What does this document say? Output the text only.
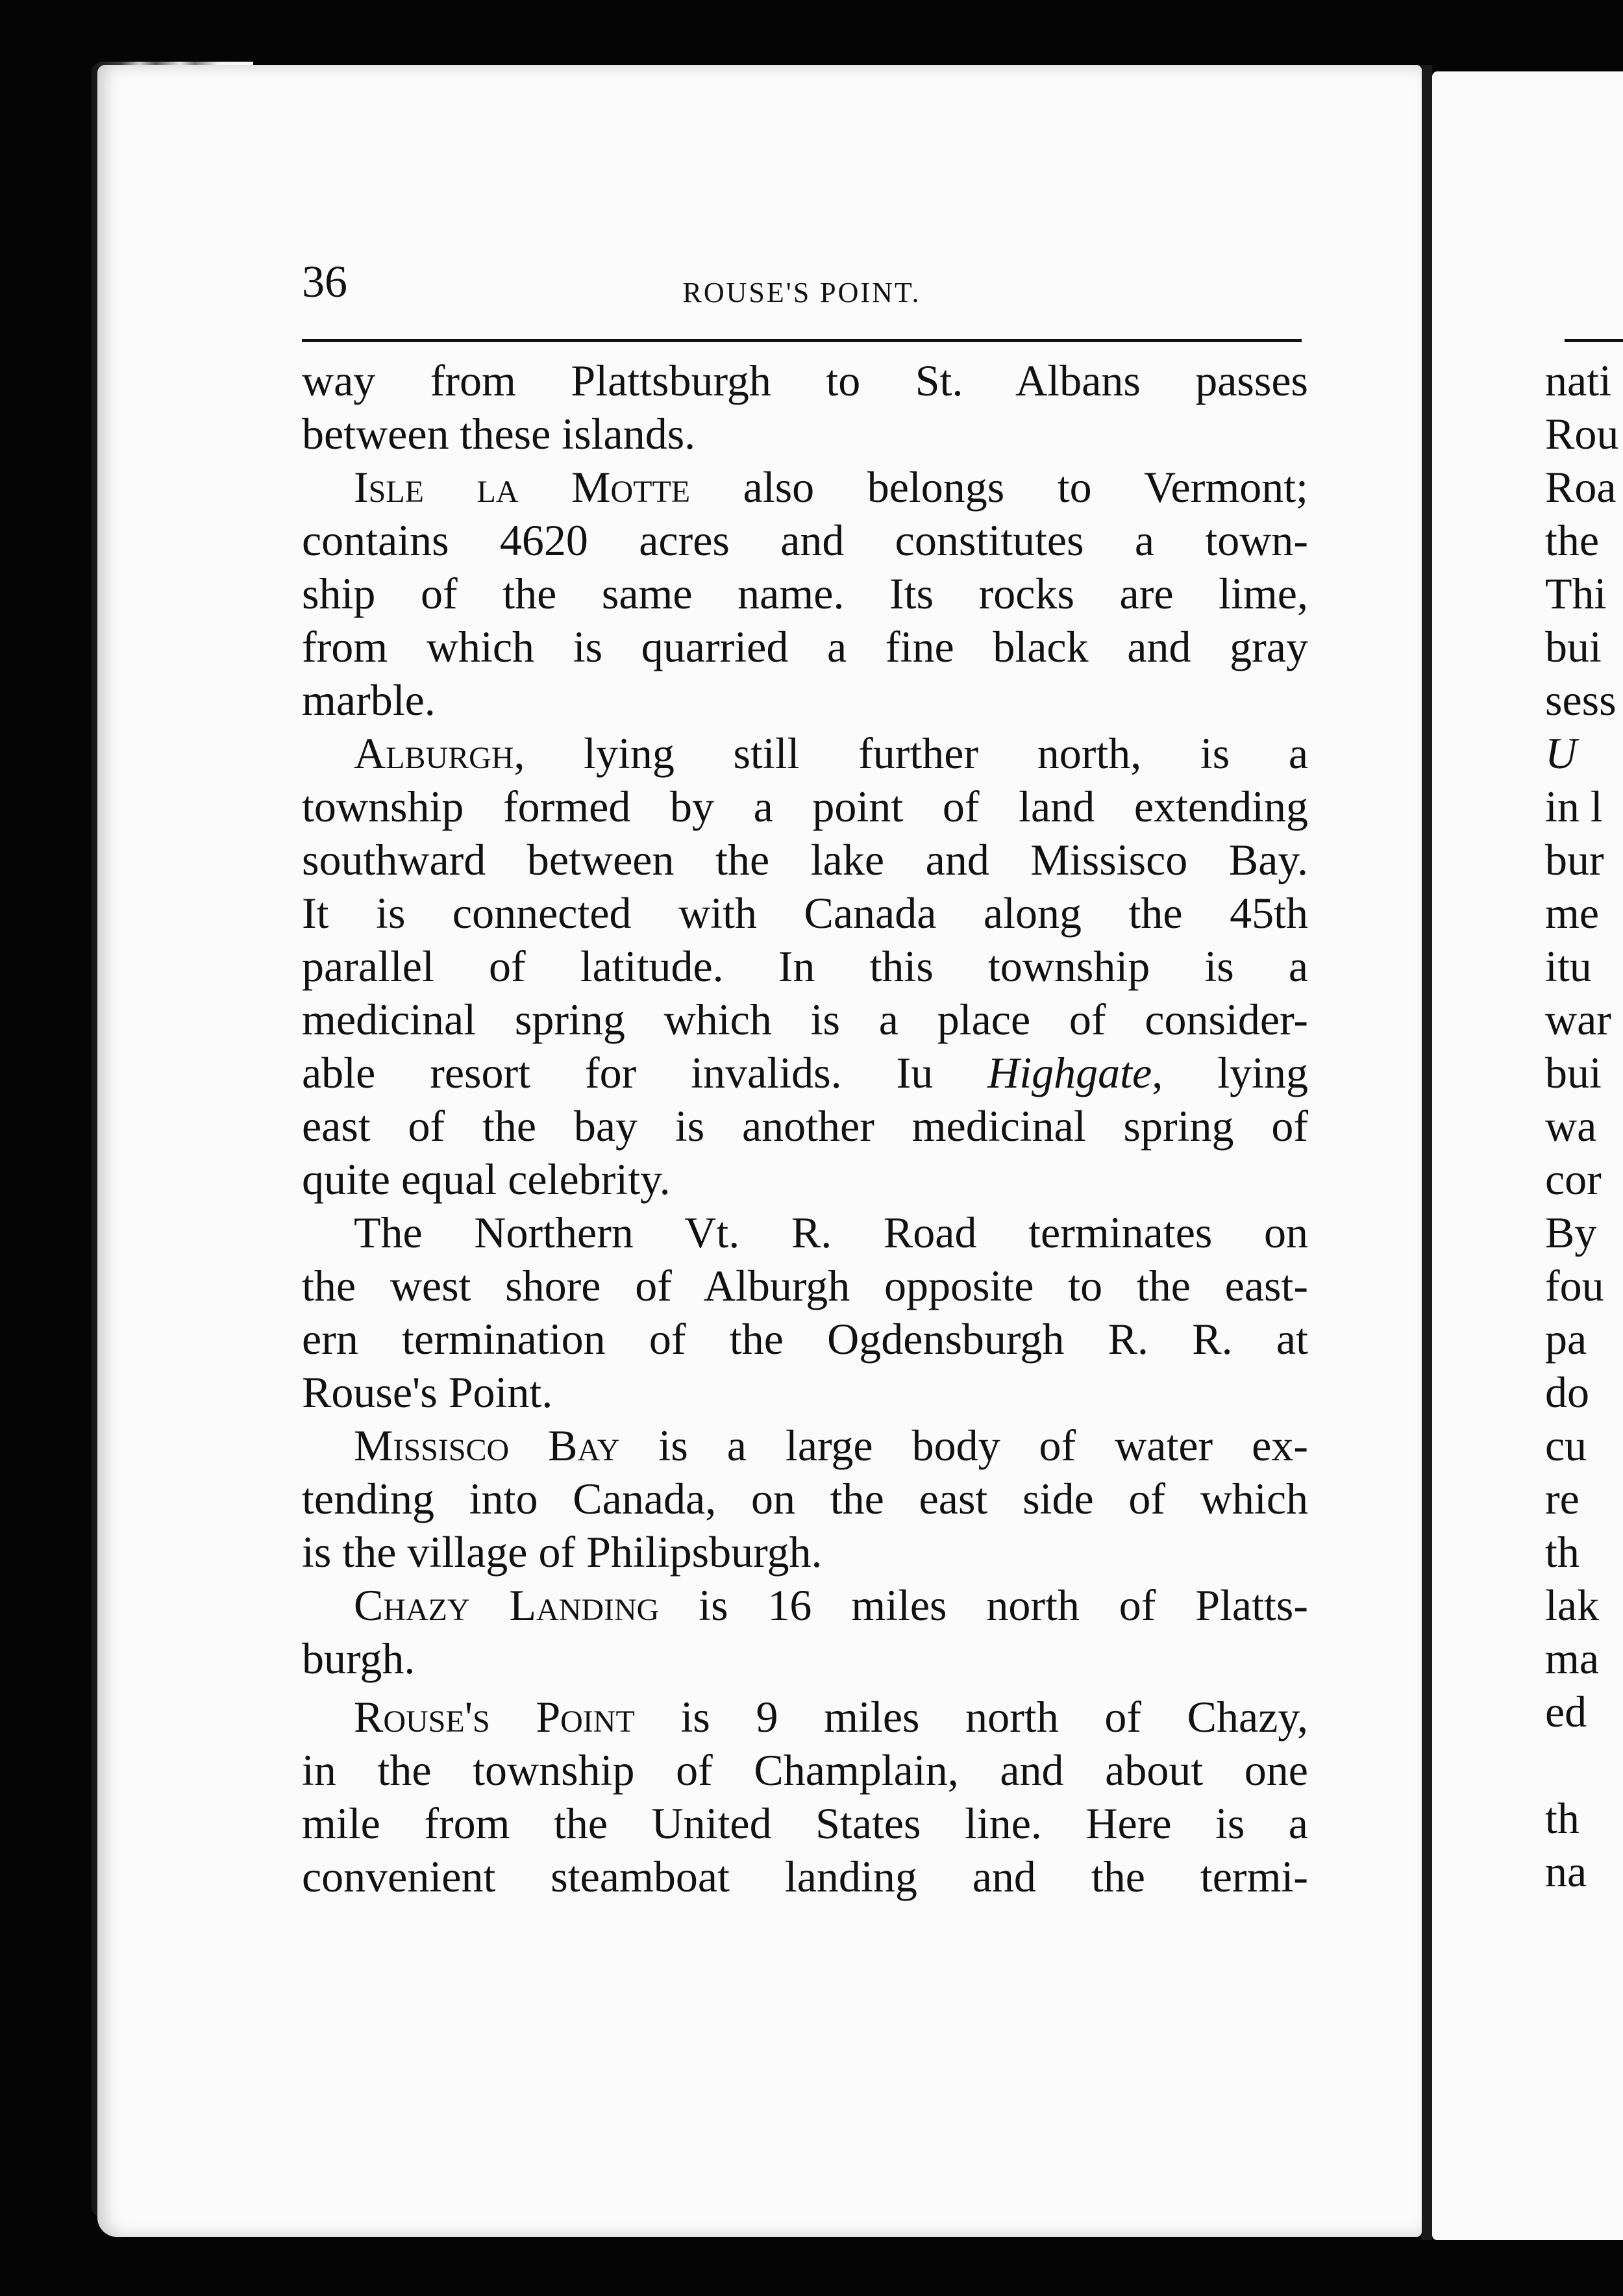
36	ROUSE'S POINT.
way from Plattsburgh to St. Albans passes
between these islands.
Isle la Motte also belongs to Vermont;
contains 4620 acres and constitutes a town-
ship of the same name. Its rocks are lime,
from which is quarried a fine black and gray
marble.
Alburgh, lying still further north, is a
township formed by a point of land extending
southward between the lake and Missisco Bay.
It is connected with Canada along the 45th
parallel of latitude. In this township is a
medicinal spring which is a place of consider-
able resort for invalids. Iu Highgate, lying
east of the bay is another medicinal spring of
quite equal celebrity.
The Northern Vt. R. Road terminates on
the west shore of Alburgh opposite to the east-
ern termination of the Ogdensburgh R. R. at
Rouse's Point.
Missisco Bay is a large body of water ex-
tending into Canada, on the east side of which
is the village of Philipsburgh.
Chazy Landing is 16 miles north of Platts-
burgh.
Rouse's Point is 9 miles north of Chazy,
in the township of Champlain, and about one
mile from the United States line. Here is a
convenient steamboat landing and the termi-
nati
Rou
Roa
the
Thi
bui
sess
U
in l
bur
me
itu
war
bui
wa
cor
By
fou
pa
do
cu
re
th
lak
ma
ed
th
na
